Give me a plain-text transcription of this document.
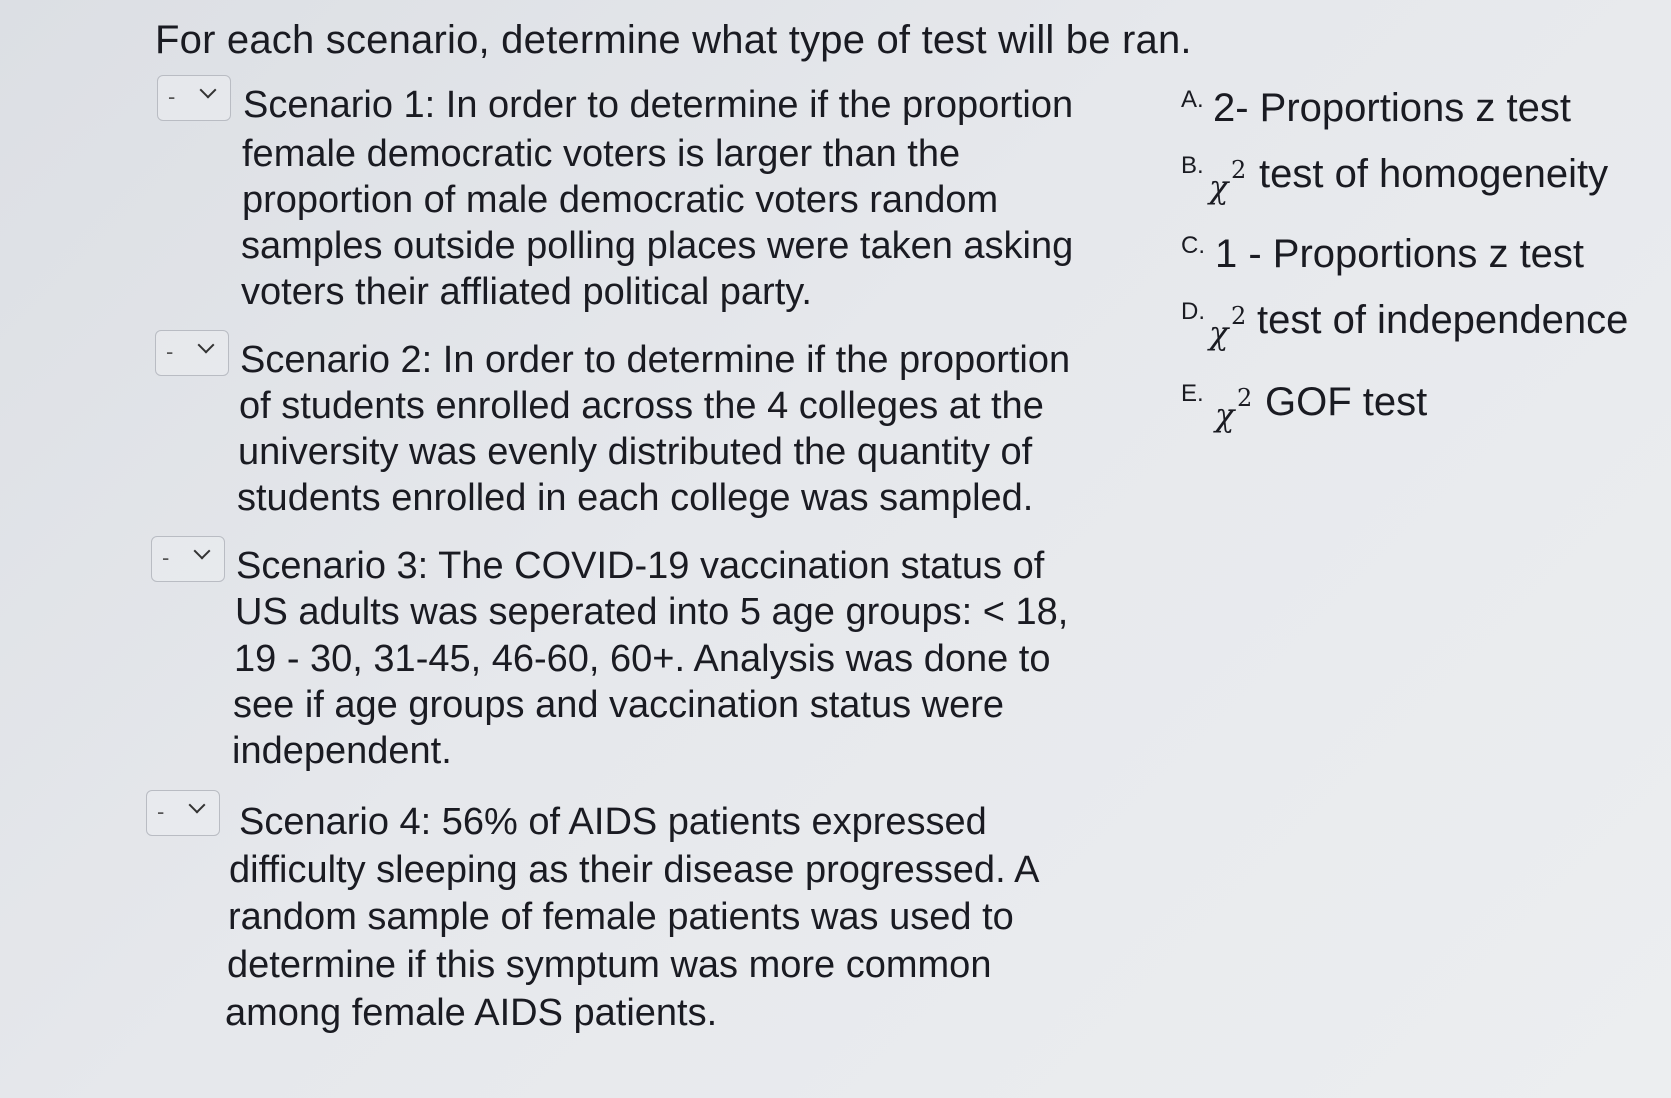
For each scenario, determine what type of test will be ran.
- Scenario 1: In order to determine if the proportion
female democratic voters is larger than the
proportion of male democratic voters random
samples outside polling places were taken asking
voters their affliated political party.
- Scenario 2: In order to determine if the proportion
of students enrolled across the 4 colleges at the
university was evenly distributed the quantity of
students enrolled in each college was sampled.
- Scenario 3: The COVID-19 vaccination status of
US adults was seperated into 5 age groups: < 18,
19 - 30, 31-45, 46-60, 60+. Analysis was done to
see if age groups and vaccination status were
independent.
- Scenario 4: 56% of AIDS patients expressed
difficulty sleeping as their disease progressed. A
random sample of female patients was used to
determine if this symptum was more common
among female AIDS patients.
A. 2- Proportions z test
B.
χ 2 test of homogeneity
C. 1 - Proportions z test
D.
χ 2 test of independence
E.
χ 2 GOF test
